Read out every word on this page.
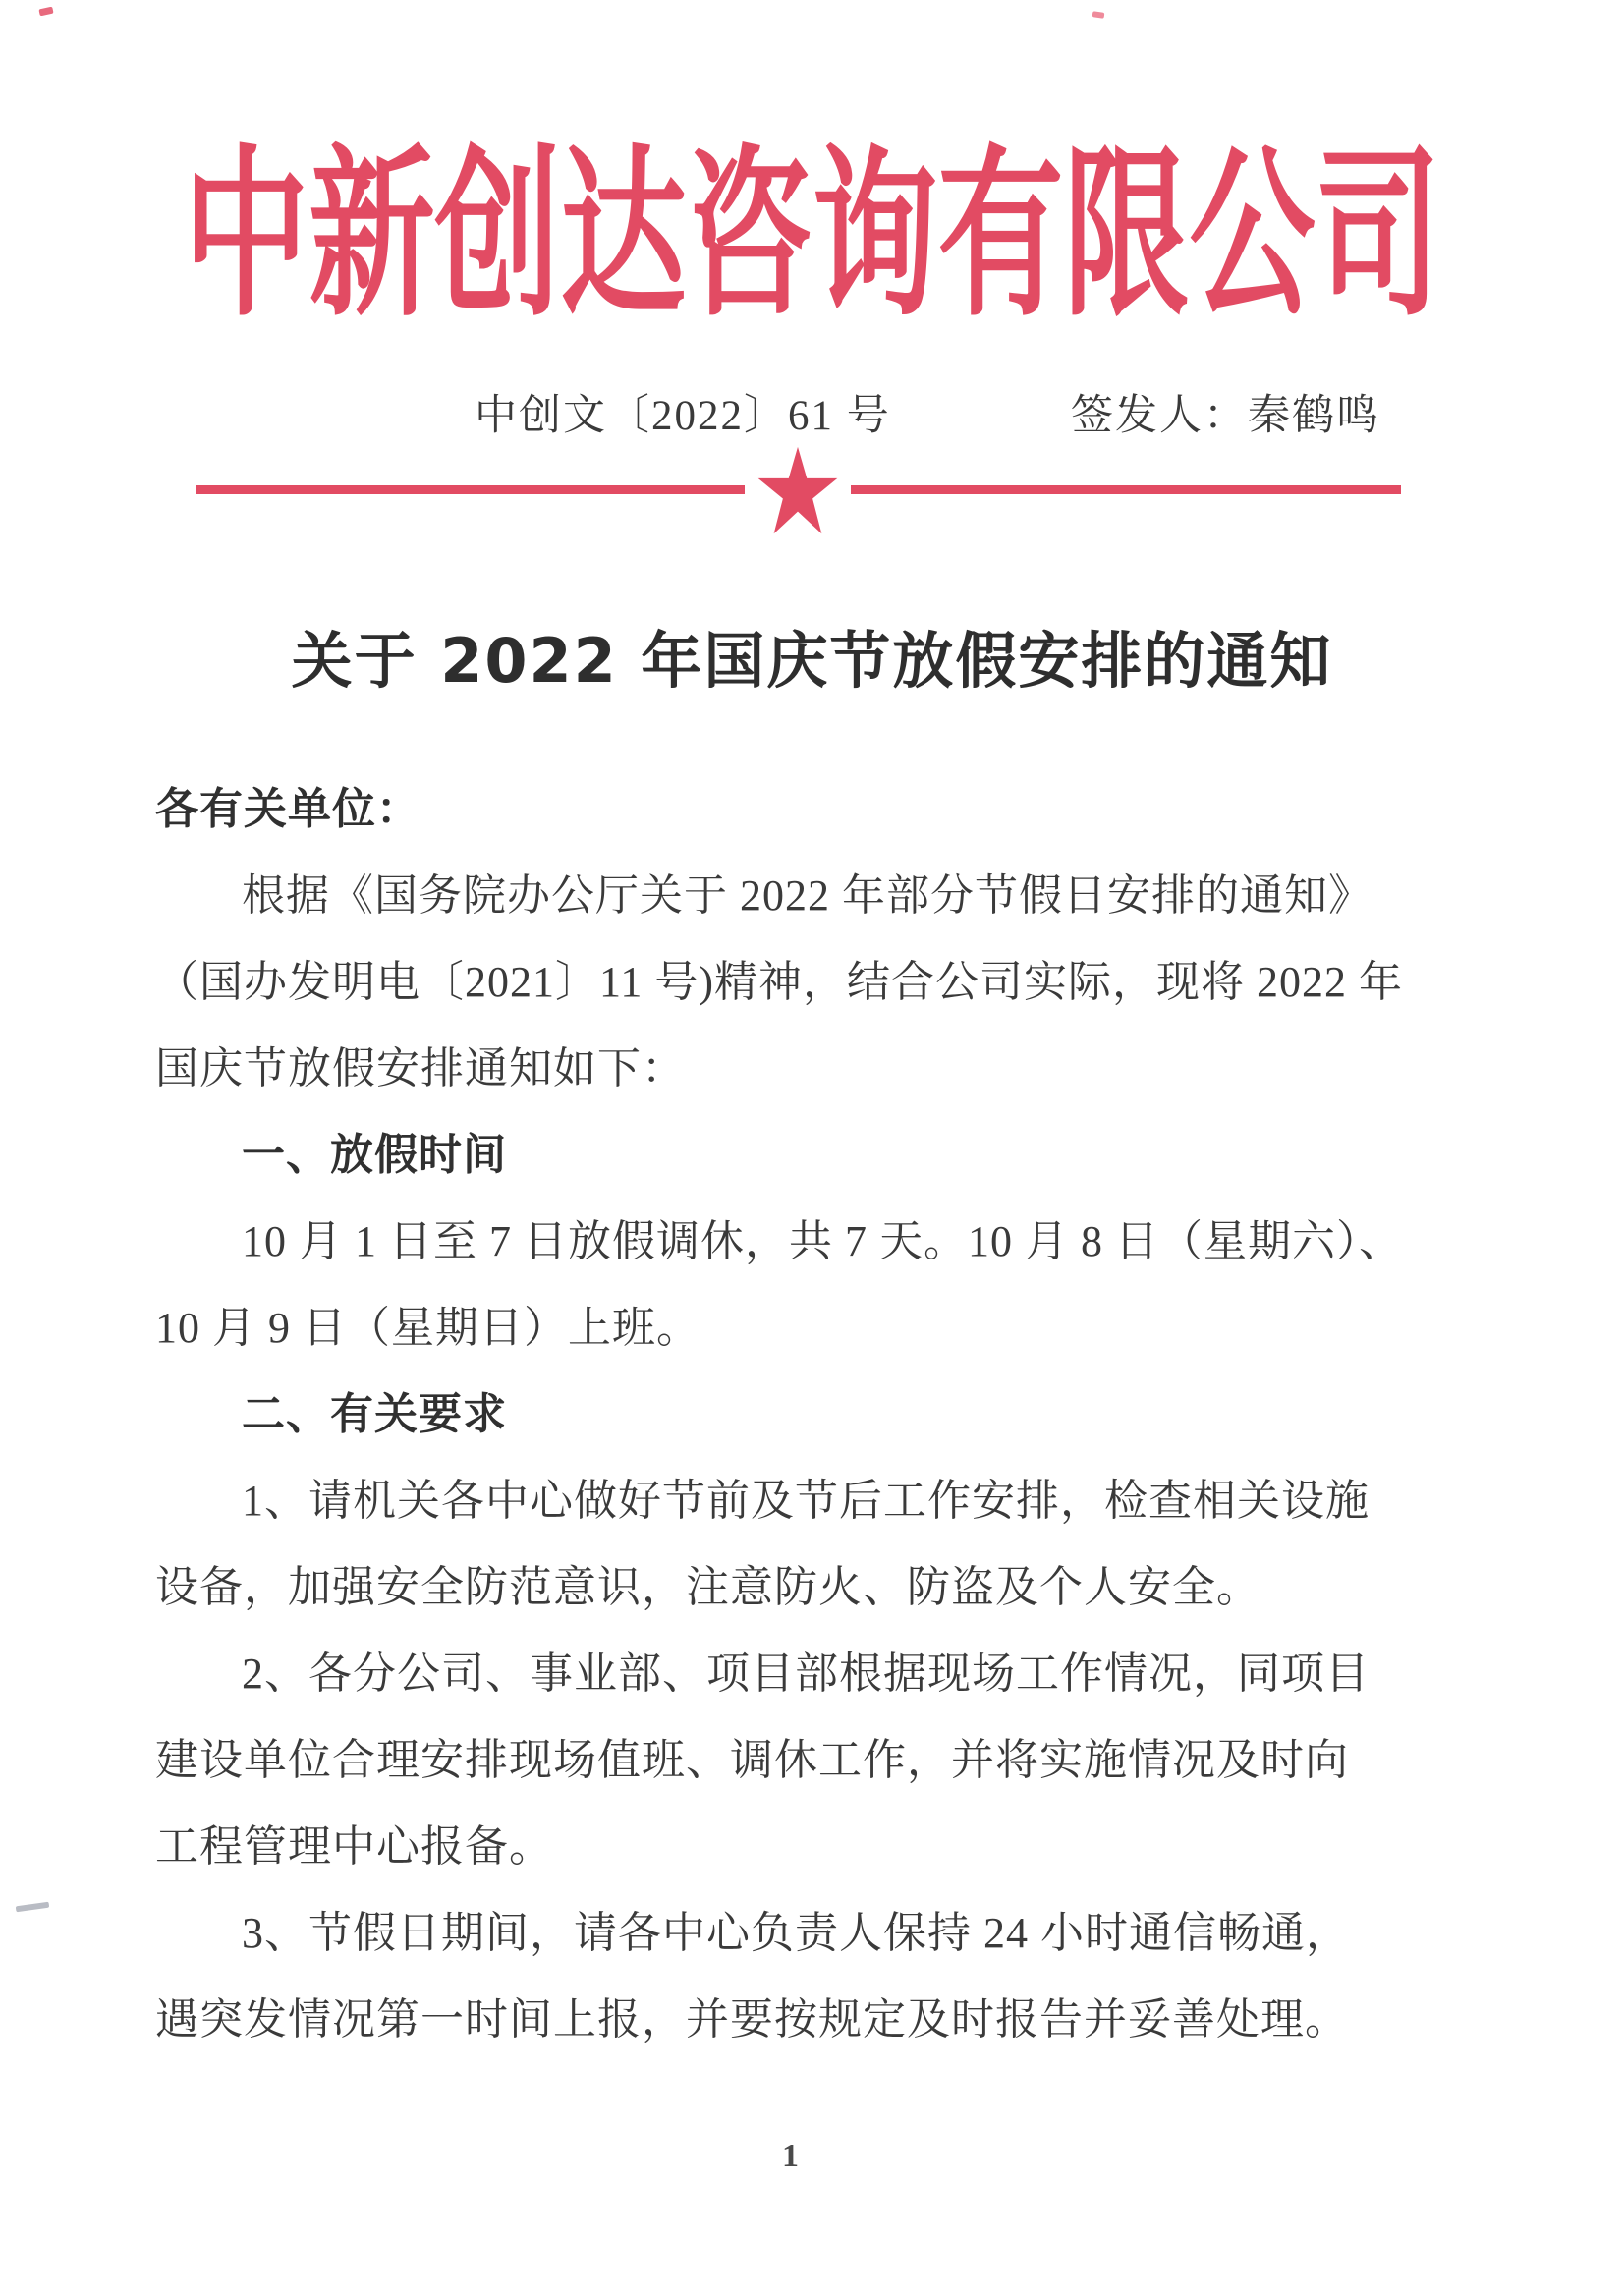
中新创达咨询有限公司
中创文〔2022〕61 号	签发人：秦鹤鸣
关于 2022 年国庆节放假安排的通知
各有关单位：
根据《国务院办公厅关于 2022 年部分节假日安排的通知》
（国办发明电〔2021〕11 号)精神，结合公司实际，现将 2022 年
国庆节放假安排通知如下：
一、放假时间
10 月 1 日至 7 日放假调休，共 7 天。10 月 8 日（星期六）、
10 月 9 日（星期日）上班。
二、有关要求
1、请机关各中心做好节前及节后工作安排，检查相关设施
设备，加强安全防范意识，注意防火、防盗及个人安全。
2、各分公司、事业部、项目部根据现场工作情况，同项目
建设单位合理安排现场值班、调休工作，并将实施情况及时向
工程管理中心报备。
3、节假日期间，请各中心负责人保持 24 小时通信畅通，
遇突发情况第一时间上报，并要按规定及时报告并妥善处理。
1
